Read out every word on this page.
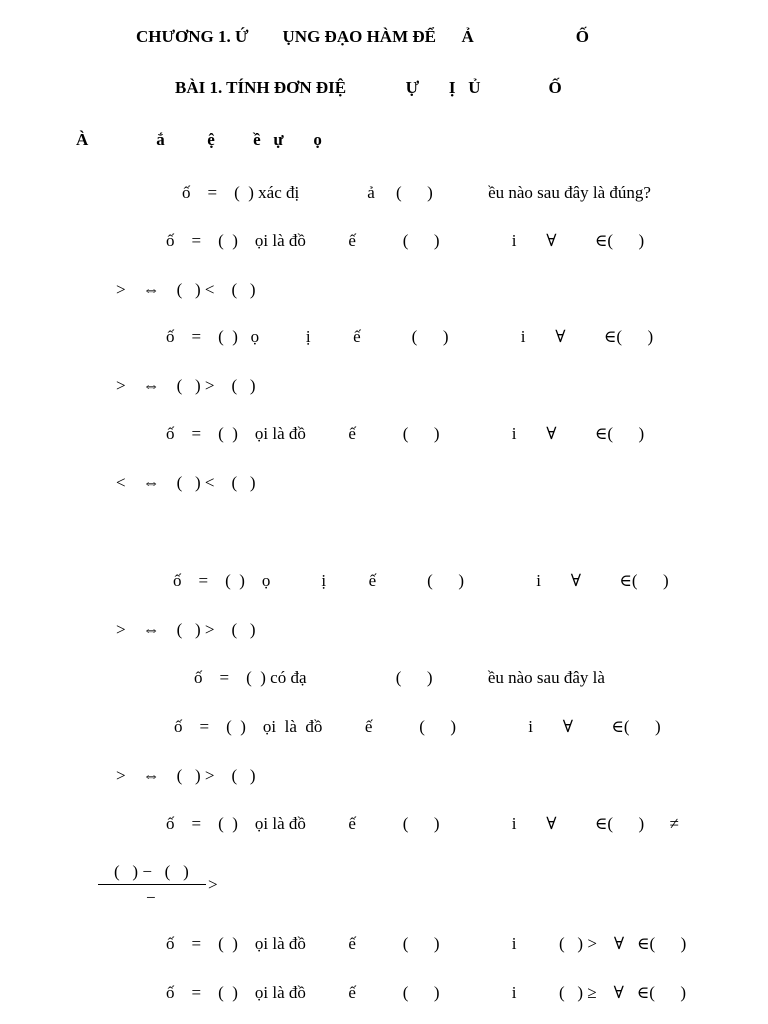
CHƯƠNG 1. Ứ        ỤNG ĐẠO HÀM ĐỂ      Ả                        Ố
BÀI 1. TÍNH ĐƠN ĐIỆ              Ự       Ị   Ủ                Ố
À                ắ          ệ         ề   ự       ọ
ố    =    (  ) xác đị                ả     (      )             ều nào sau đây là đúng?
ố    =    (  )    ọi là đồ          ế           (      )                 i       ∀         ∈(      )
>    ⇔    (   ) <    (   )
ố    =    (  )   ọ           ị          ế            (      )                 i       ∀         ∈(      )
>    ⇔    (   ) >    (   )
ố    =    (  )    ọi là đồ          ế           (      )                 i       ∀         ∈(      )
<    ⇔    (   ) <    (   )
ố    =    (  )    ọ            ị          ế            (      )                 i       ∀         ∈(      )
>    ⇔    (   ) >    (   )
ố    =    (  ) có đạ                     (      )             ều nào sau đây là
ố    =    (  )    ọi  là  đồ          ế           (      )                 i       ∀         ∈(      )
>    ⇔    (   ) >    (   )
ố    =    (  )    ọi là đồ          ế           (      )                 i       ∀         ∈(      )      ≠
(   ) −   (   )
−
>
ố    =    (  )    ọi là đồ          ế           (      )                 i          (   ) >    ∀   ∈(      )
ố    =    (  )    ọi là đồ          ế           (      )                 i          (   ) ≥    ∀   ∈(      )
